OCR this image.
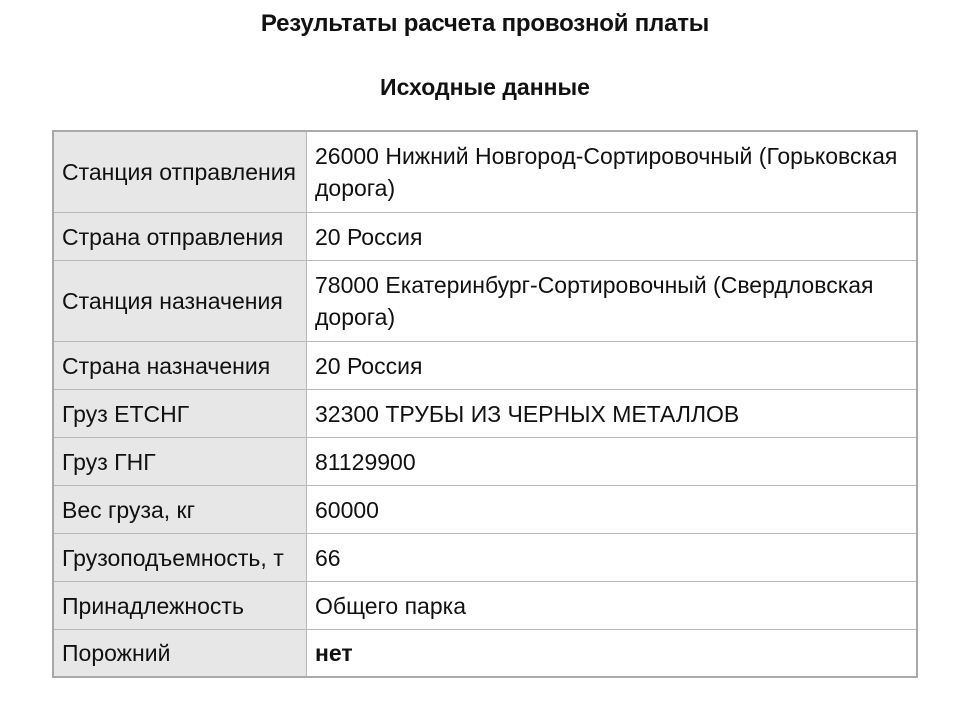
Результаты расчета провозной платы
Исходные данные
Станция отправления	26000 Нижний Новгород-Сортировочный (Горьковская дорога)
Страна отправления	20 Россия
Станция назначения	78000 Екатеринбург-Сортировочный (Свердловская дорога)
Страна назначения	20 Россия
Груз ЕТСНГ	32300 ТРУБЫ ИЗ ЧЕРНЫХ МЕТАЛЛОВ
Груз ГНГ	81129900
Вес груза, кг	60000
Грузоподъемность, т	66
Принадлежность	Общего парка
Порожний	нет
